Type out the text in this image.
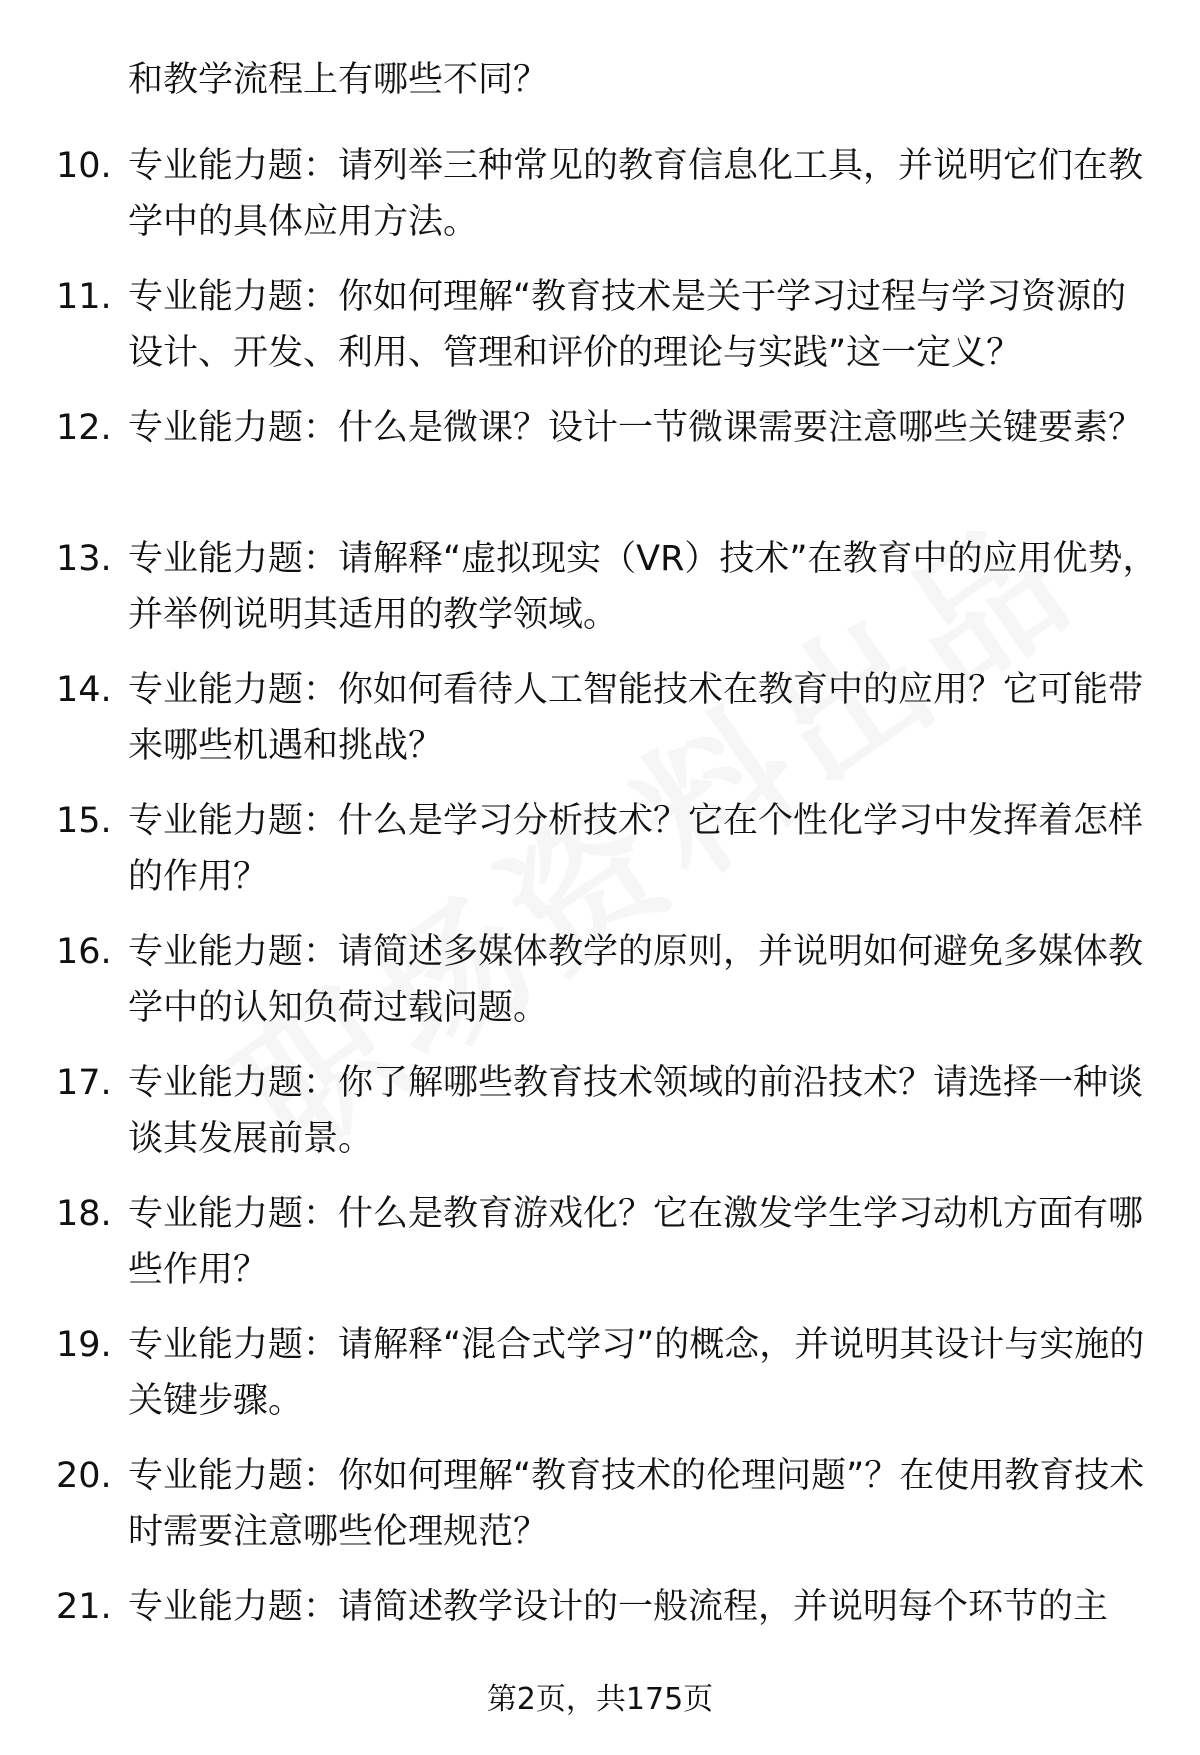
和教学流程上有哪些不同？
10. 专业能力题：请列举三种常见的教育信息化工具，并说明它们在教学中的具体应用方法。
11. 专业能力题：你如何理解“教育技术是关于学习过程与学习资源的设计、开发、利用、管理和评价的理论与实践”这一定义？
12. 专业能力题：什么是微课？设计一节微课需要注意哪些关键要素？
13. 专业能力题：请解释“虚拟现实（VR）技术”在教育中的应用优势，并举例说明其适用的教学领域。
14. 专业能力题：你如何看待人工智能技术在教育中的应用？它可能带来哪些机遇和挑战？
15. 专业能力题：什么是学习分析技术？它在个性化学习中发挥着怎样的作用？
16. 专业能力题：请简述多媒体教学的原则，并说明如何避免多媒体教学中的认知负荷过载问题。
17. 专业能力题：你了解哪些教育技术领域的前沿技术？请选择一种谈谈其发展前景。
18. 专业能力题：什么是教育游戏化？它在激发学生学习动机方面有哪些作用？
19. 专业能力题：请解释“混合式学习”的概念，并说明其设计与实施的关键步骤。
20. 专业能力题：你如何理解“教育技术的伦理问题”？在使用教育技术时需要注意哪些伦理规范？
21. 专业能力题：请简述教学设计的一般流程，并说明每个环节的主
第2页，共175页
